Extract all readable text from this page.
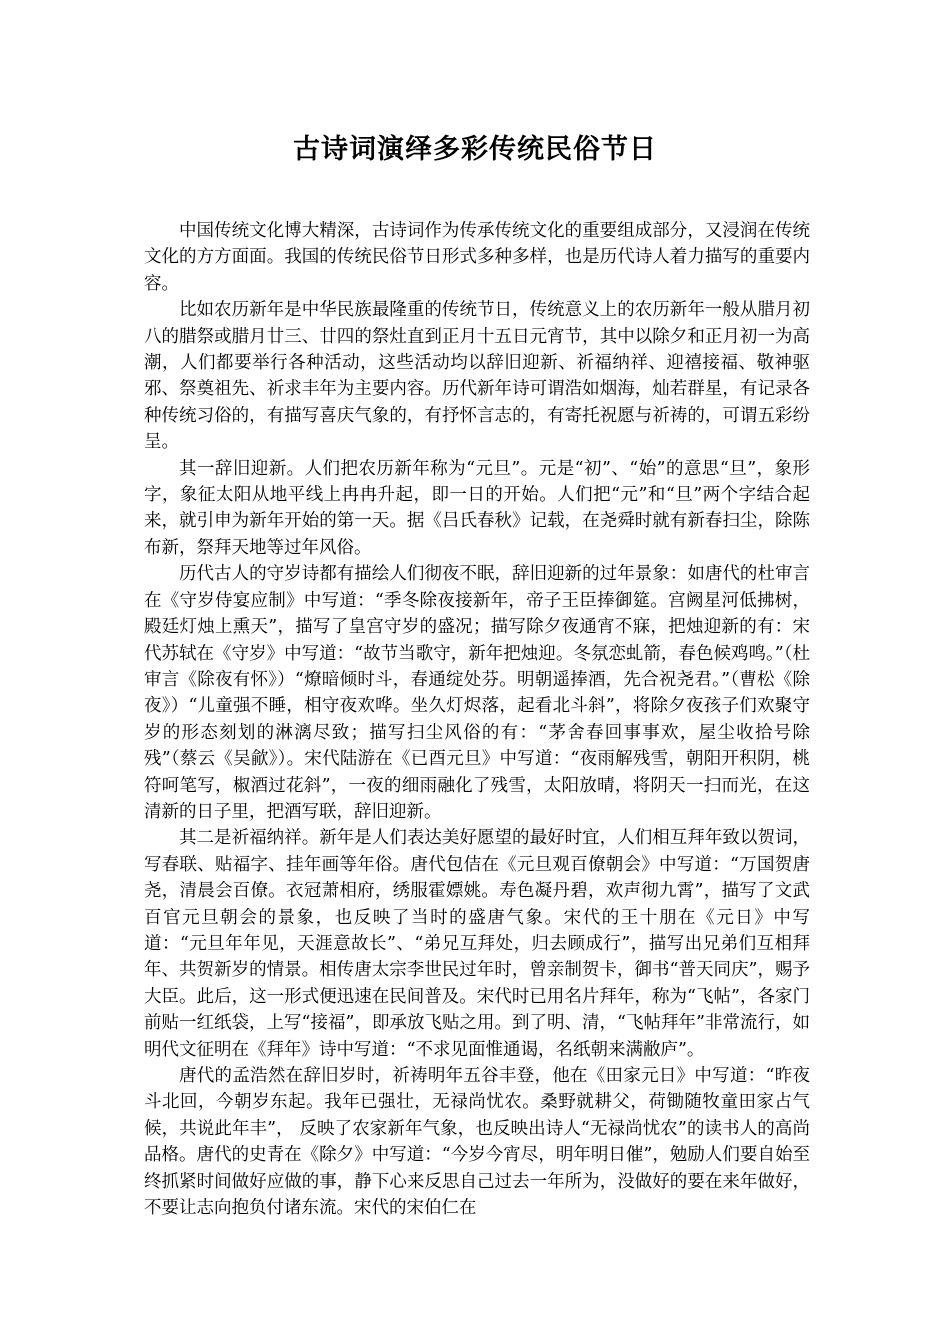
古诗词演绎多彩传统民俗节日

中国传统文化博大精深，古诗词作为传承传统文化的重要组成部分，又浸润在传统文化的方方面面。我国的传统民俗节日形式多种多样，也是历代诗人着力描写的重要内容。

比如农历新年是中华民族最隆重的传统节日，传统意义上的农历新年一般从腊月初八的腊祭或腊月廿三、廿四的祭灶直到正月十五日元宵节，其中以除夕和正月初一为高潮，人们都要举行各种活动，这些活动均以辞旧迎新、祈福纳祥、迎禧接福、敬神驱邪、祭奠祖先、祈求丰年为主要内容。历代新年诗可谓浩如烟海，灿若群星，有记录各种传统习俗的，有描写喜庆气象的，有抒怀言志的，有寄托祝愿与祈祷的，可谓五彩纷呈。

其一辞旧迎新。人们把农历新年称为“元旦”。元是“初”、“始”的意思“旦”，象形字，象征太阳从地平线上冉冉升起，即一日的开始。人们把“元”和“旦”两个字结合起来，就引申为新年开始的第一天。据《吕氏春秋》记载，在尧舜时就有新春扫尘，除陈布新，祭拜天地等过年风俗。

历代古人的守岁诗都有描绘人们彻夜不眠，辞旧迎新的过年景象：如唐代的杜审言在《守岁侍宴应制》中写道：“季冬除夜接新年，帝子王臣捧御筵。宫阙星河低拂树，殿廷灯烛上熏天”，描写了皇宫守岁的盛况；描写除夕夜通宵不寐，把烛迎新的有：宋代苏轼在《守岁》中写道：“故节当歌守，新年把烛迎。冬氛恋虬箭，春色候鸡鸣。”（杜审言《除夜有怀》）“燎暗倾时斗，春通绽处芬。明朝遥捧酒，先合祝尧君。”（曹松《除夜》）“儿童强不睡，相守夜欢哗。坐久灯烬落，起看北斗斜”，将除夕夜孩子们欢聚守岁的形态刻划的淋漓尽致；描写扫尘风俗的有：“茅舍春回事事欢，屋尘收拾号除残”（蔡云《吴歈》）。宋代陆游在《已酉元旦》中写道：“夜雨解残雪，朝阳开积阴，桃符呵笔写，椒酒过花斜”，一夜的细雨融化了残雪，太阳放晴，将阴天一扫而光，在这清新的日子里，把酒写联，辞旧迎新。

其二是祈福纳祥。新年是人们表达美好愿望的最好时宜，人们相互拜年致以贺词，写春联、贴福字、挂年画等年俗。唐代包佶在《元旦观百僚朝会》中写道：“万国贺唐尧，清晨会百僚。衣冠萧相府，绣服霍嫖姚。寿色凝丹碧，欢声彻九霄”，描写了文武百官元旦朝会的景象，也反映了当时的盛唐气象。宋代的王十朋在《元日》中写道：“元旦年年见，天涯意故长”、“弟兄互拜处，归去顾成行”，描写出兄弟们互相拜年、共贺新岁的情景。相传唐太宗李世民过年时，曾亲制贺卡，御书“普天同庆”，赐予大臣。此后，这一形式便迅速在民间普及。宋代时已用名片拜年，称为“飞帖”，各家门前贴一红纸袋，上写“接福”，即承放飞贴之用。到了明、清，“飞帖拜年”非常流行，如明代文征明在《拜年》诗中写道：“不求见面惟通谒，名纸朝来满敝庐”。

唐代的孟浩然在辞旧岁时，祈祷明年五谷丰登，他在《田家元日》中写道：“昨夜斗北回，今朝岁东起。我年已强壮，无禄尚忧农。桑野就耕父，荷锄随牧童田家占气候，共说此年丰”， 反映了农家新年气象，也反映出诗人“无禄尚忧农”的读书人的高尚品格。唐代的史青在《除夕》中写道：“今岁今宵尽，明年明日催”，勉励人们要自始至终抓紧时间做好应做的事，静下心来反思自己过去一年所为，没做好的要在来年做好，不要让志向抱负付诸东流。宋代的宋伯仁在
